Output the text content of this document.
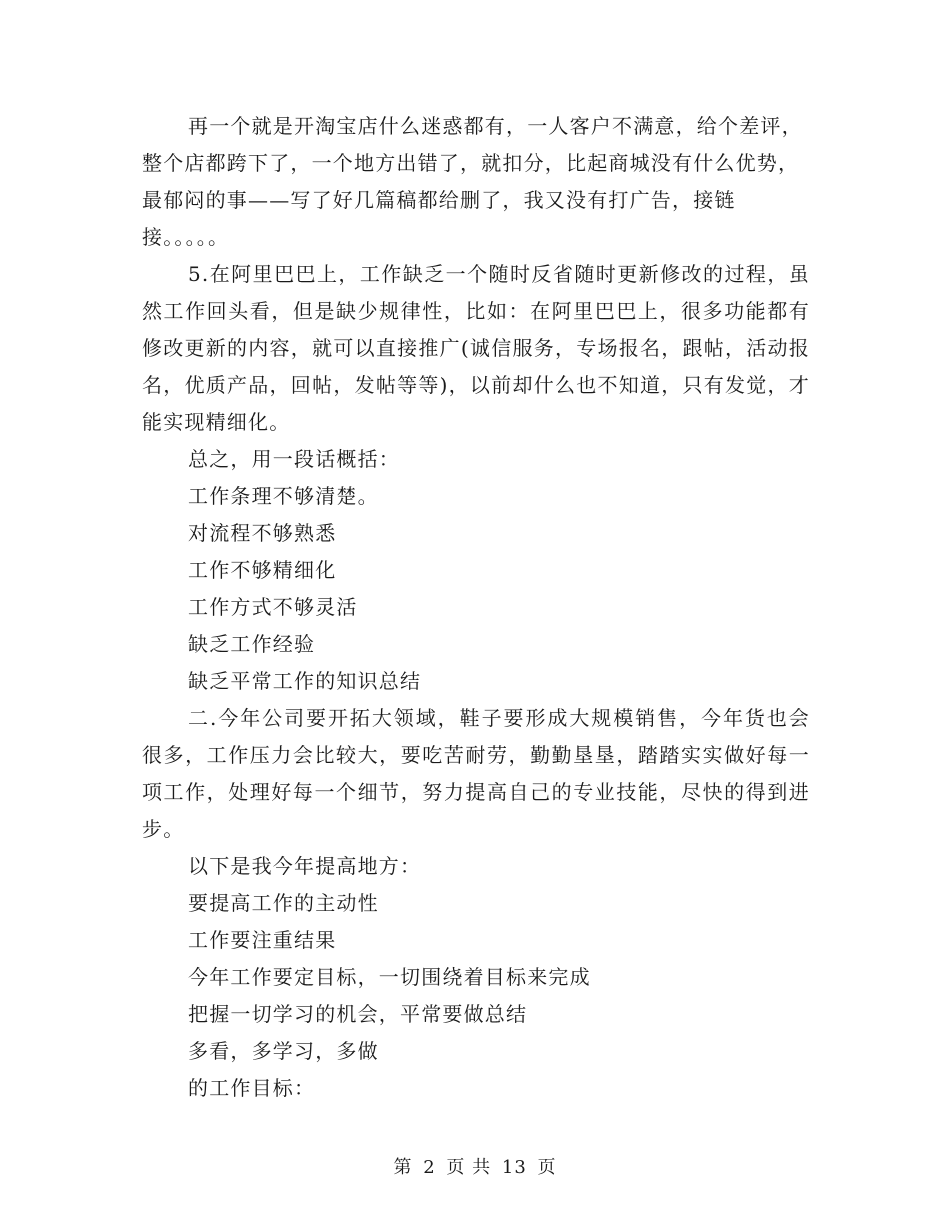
再一个就是开淘宝店什么迷惑都有，一人客户不满意，给个差评，整个店都跨下了，一个地方出错了，就扣分，比起商城没有什么优势，最郁闷的事——写了好几篇稿都给删了，我又没有打广告，接链接。。。。。

5.在阿里巴巴上，工作缺乏一个随时反省随时更新修改的过程，虽然工作回头看，但是缺少规律性，比如：在阿里巴巴上，很多功能都有修改更新的内容，就可以直接推广(诚信服务，专场报名，跟帖，活动报名，优质产品，回帖，发帖等等)，以前却什么也不知道，只有发觉，才能实现精细化。

总之，用一段话概括：

工作条理不够清楚。

对流程不够熟悉

工作不够精细化

工作方式不够灵活

缺乏工作经验

缺乏平常工作的知识总结

二.今年公司要开拓大领域，鞋子要形成大规模销售，今年货也会很多，工作压力会比较大，要吃苦耐劳，勤勤垦垦，踏踏实实做好每一项工作，处理好每一个细节，努力提高自己的专业技能，尽快的得到进步。

以下是我今年提高地方：

要提高工作的主动性

工作要注重结果

今年工作要定目标，一切围绕着目标来完成

把握一切学习的机会，平常要做总结

多看，多学习，多做

的工作目标：

第 2 页 共 13 页
